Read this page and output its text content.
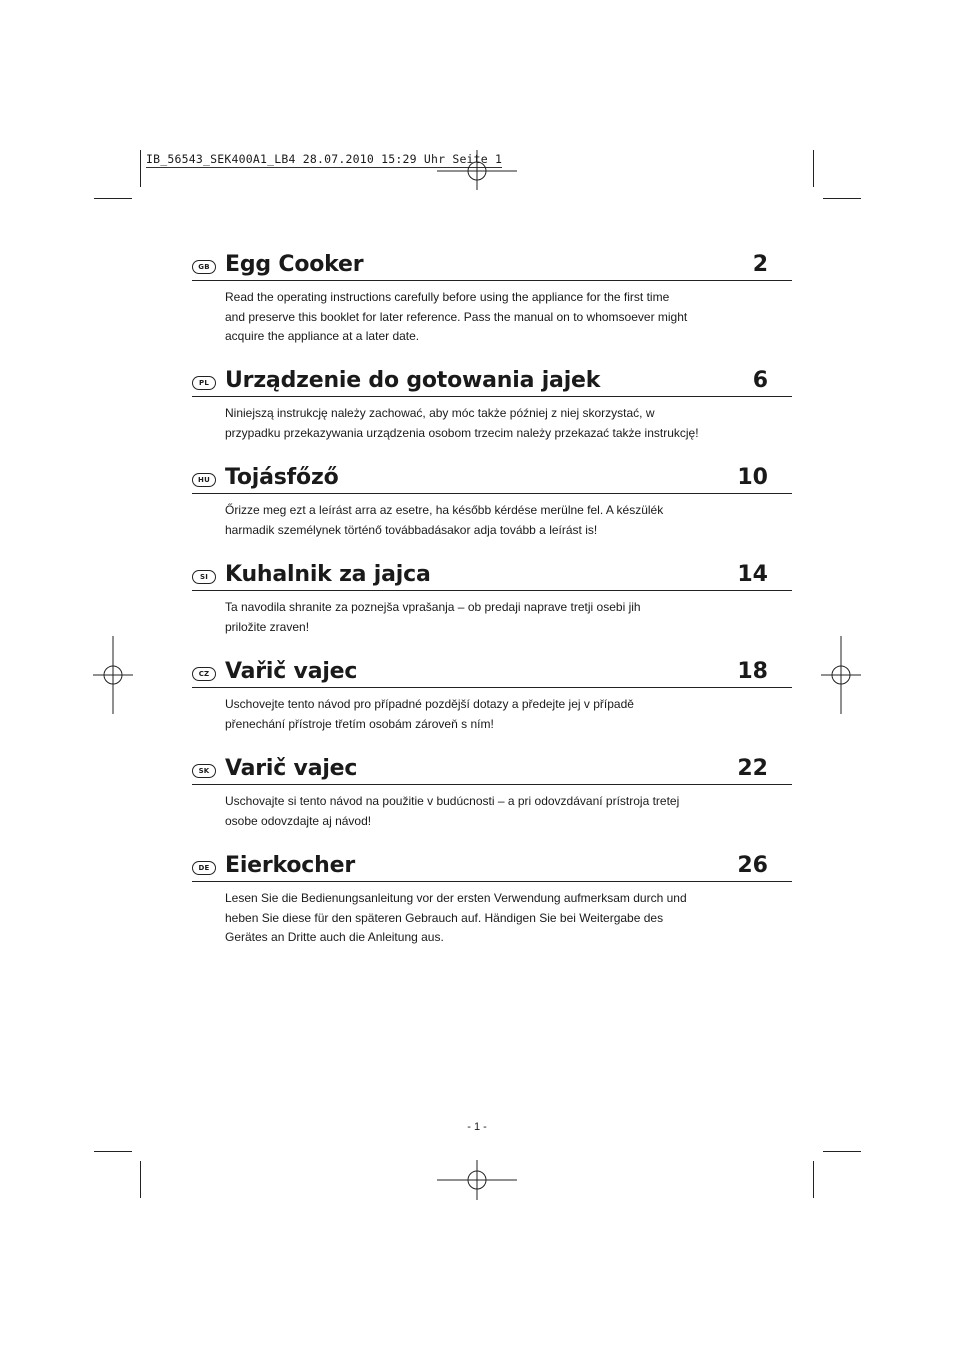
IB_56543_SEK400A1_LB4 28.07.2010 15:29 Uhr Seite 1
GB Egg Cooker	2
Read the operating instructions carefully before using the appliance for the first time
and preserve this booklet for later reference. Pass the manual on to whomsoever might
acquire the appliance at a later date.
PL Urządzenie do gotowania jajek	6
Niniejszą instrukcję należy zachować, aby móc także później z niej skorzystać, w
przypadku przekazywania urządzenia osobom trzecim należy przekazać także instrukcję!
HU Tojásfőző	10
Őrizze meg ezt a leírást arra az esetre, ha később kérdése merülne fel. A készülék
harmadik személynek történő továbbadásakor adja tovább a leírást is!
SI Kuhalnik za jajca	14
Ta navodila shranite za poznejša vprašanja – ob predaji naprave tretji osebi jih
priložite zraven!
CZ Vařič vajec	18
Uschovejte tento návod pro případné pozdější dotazy a předejte jej v případě
přenechání přístroje třetím osobám zároveň s ním!
SK Varič vajec	22
Uschovajte si tento návod na použitie v budúcnosti – a pri odovzdávaní prístroja tretej
osobe odovzdajte aj návod!
DE Eierkocher	26
Lesen Sie die Bedienungsanleitung vor der ersten Verwendung aufmerksam durch und
heben Sie diese für den späteren Gebrauch auf. Händigen Sie bei Weitergabe des
Gerätes an Dritte auch die Anleitung aus.
- 1 -
